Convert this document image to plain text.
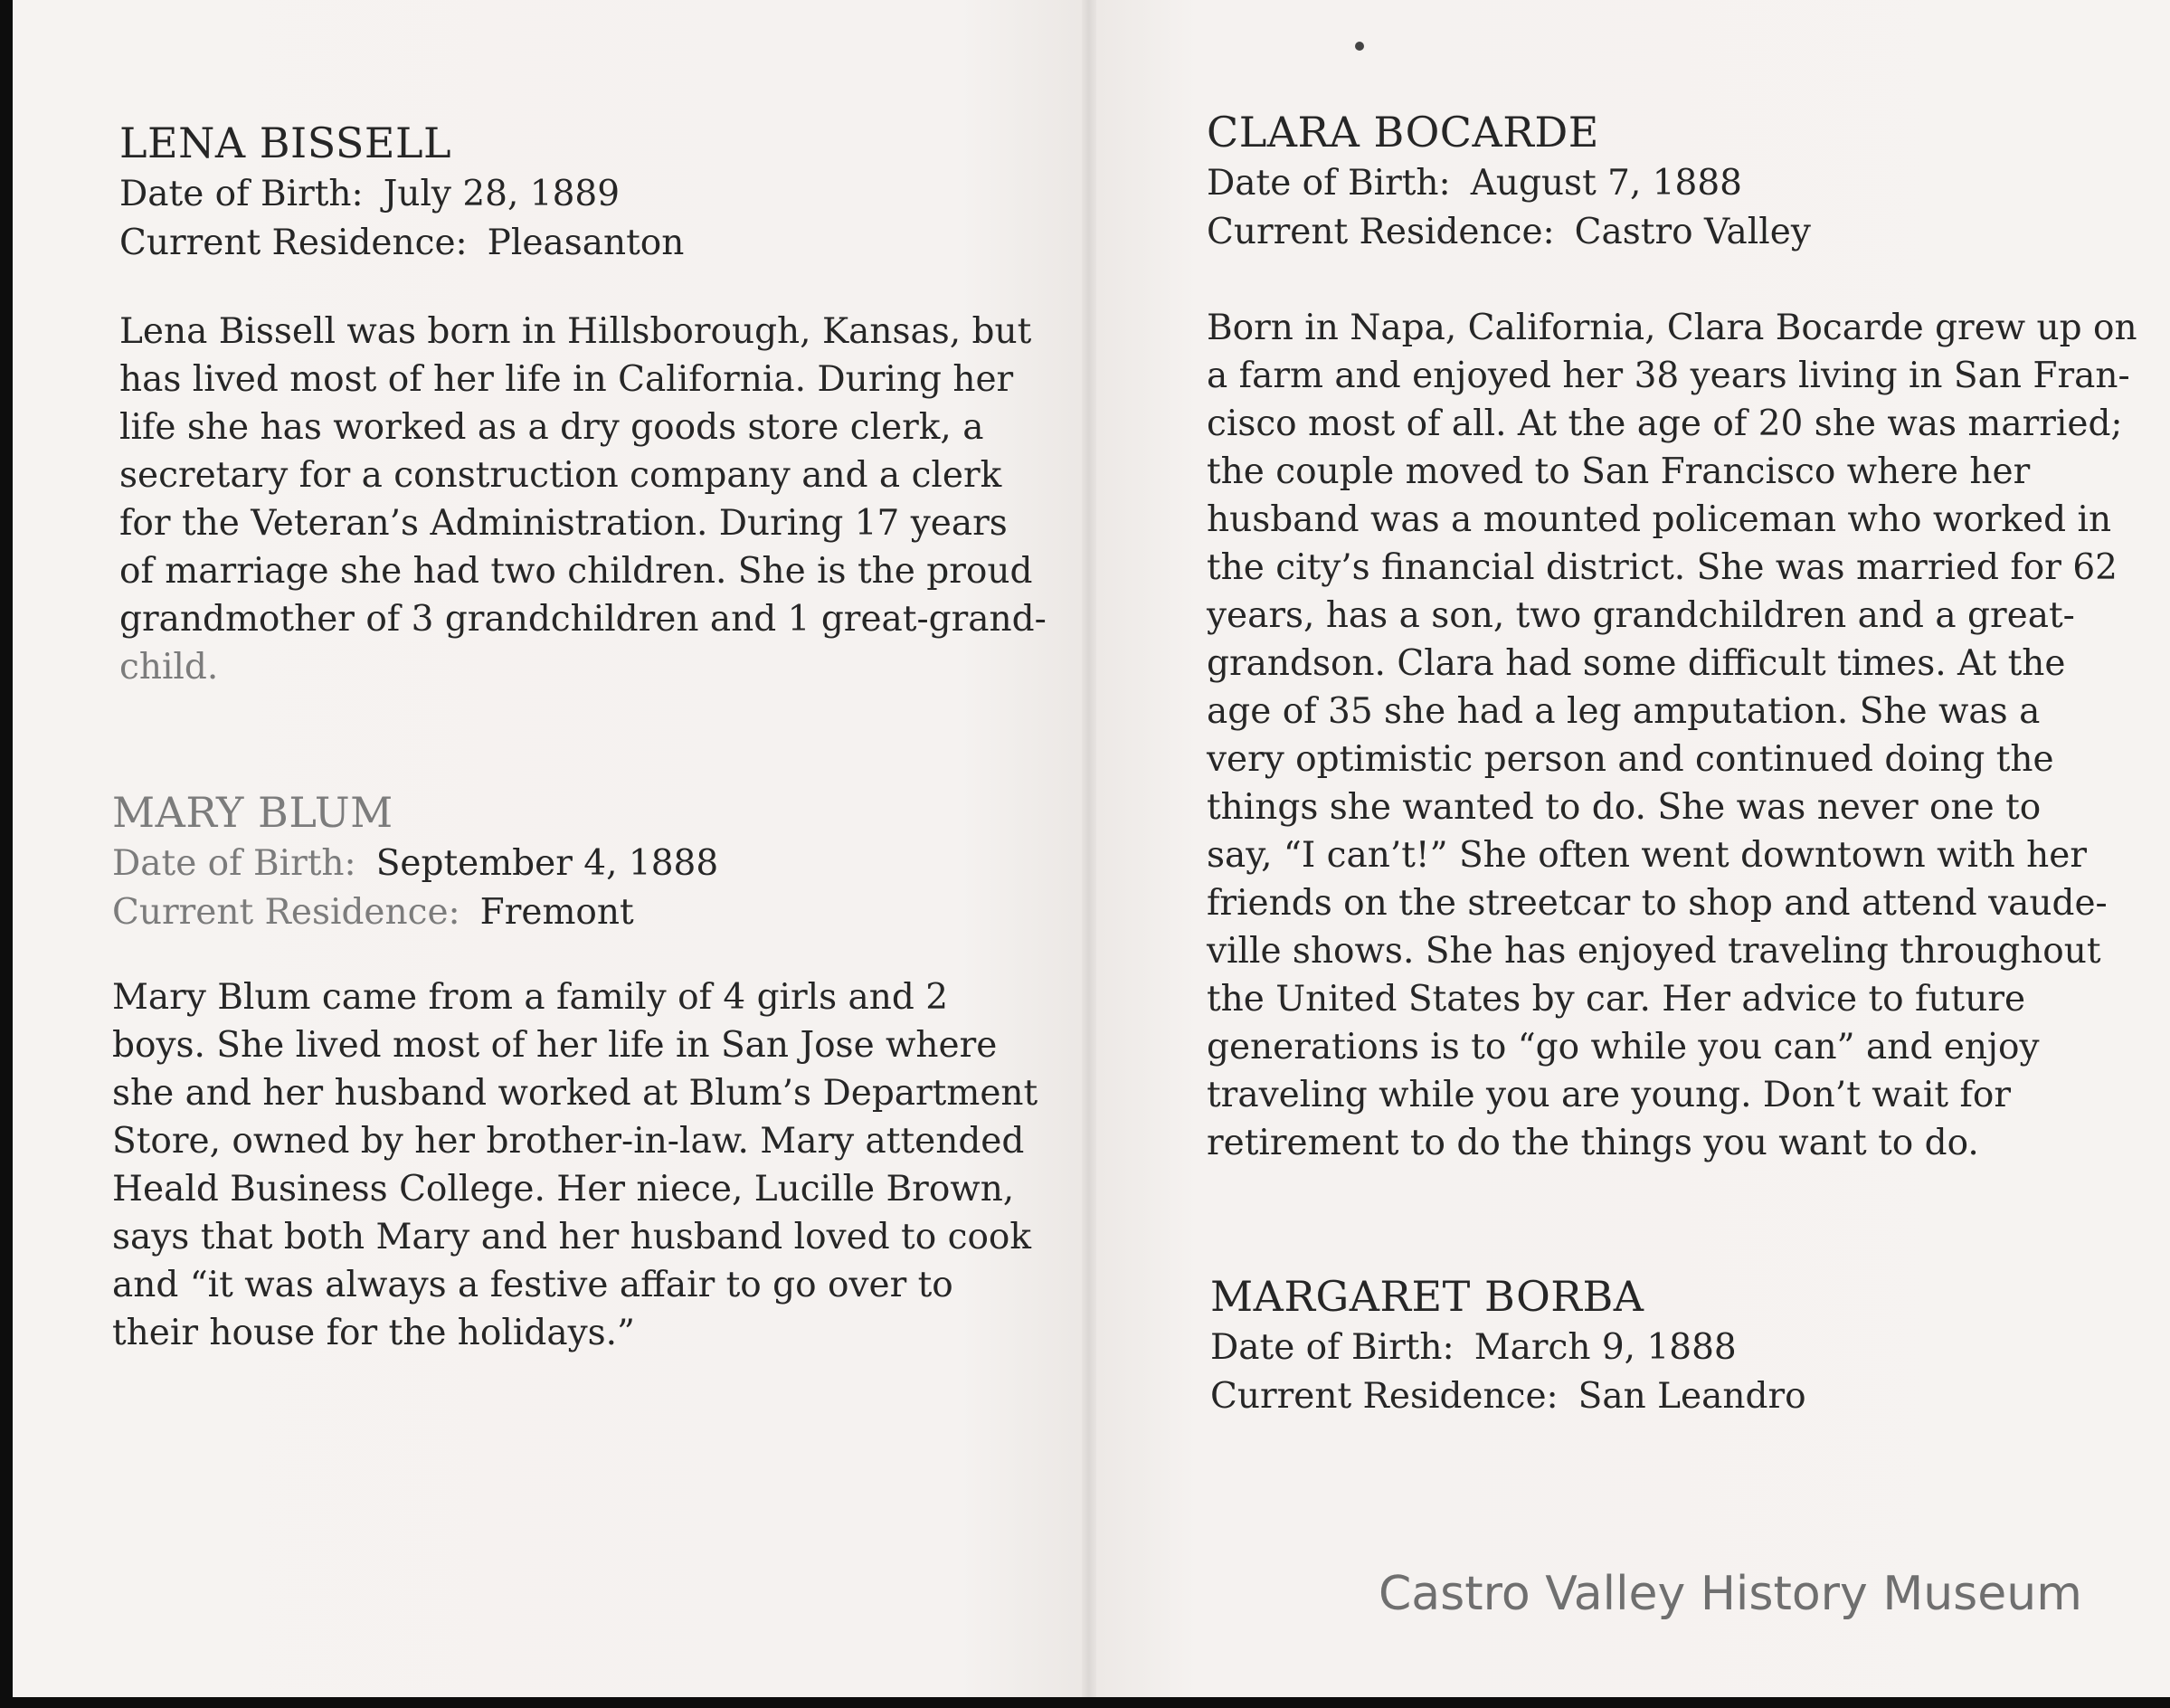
LENA BISSELL

Date of Birth: July 28, 1889

Current Residence: Pleasanton

Lena Bissell was born in Hillsborough, Kansas, but
has lived most of her life in California. During her
life she has worked as a dry goods store clerk, a
secretary for a construction company and a clerk
for the Veteran’s Administration. During 17 years
of marriage she had two children. She is the proud
grandmother of 3 grandchildren and 1 great-grand-
child.

MARY BLUM

Date of Birth: September 4, 1888

Current Residence: Fremont

Mary Blum came from a family of 4 girls and 2
boys. She lived most of her life in San Jose where
she and her husband worked at Blum’s Department
Store, owned by her brother-in-law. Mary attended
Heald Business College. Her niece, Lucille Brown,
says that both Mary and her husband loved to cook
and “it was always a festive affair to go over to
their house for the holidays.”

CLARA BOCARDE

Date of Birth: August 7, 1888

Current Residence: Castro Valley

Born in Napa, California, Clara Bocarde grew up on
a farm and enjoyed her 38 years living in San Fran-
cisco most of all. At the age of 20 she was married;
the couple moved to San Francisco where her
husband was a mounted policeman who worked in
the city’s financial district. She was married for 62
years, has a son, two grandchildren and a great-
grandson. Clara had some difficult times. At the
age of 35 she had a leg amputation. She was a
very optimistic person and continued doing the
things she wanted to do. She was never one to
say, “I can’t!” She often went downtown with her
friends on the streetcar to shop and attend vaude-
ville shows. She has enjoyed traveling throughout
the United States by car. Her advice to future
generations is to “go while you can” and enjoy
traveling while you are young. Don’t wait for
retirement to do the things you want to do.

MARGARET BORBA

Date of Birth: March 9, 1888

Current Residence: San Leandro

Castro Valley History Museum
